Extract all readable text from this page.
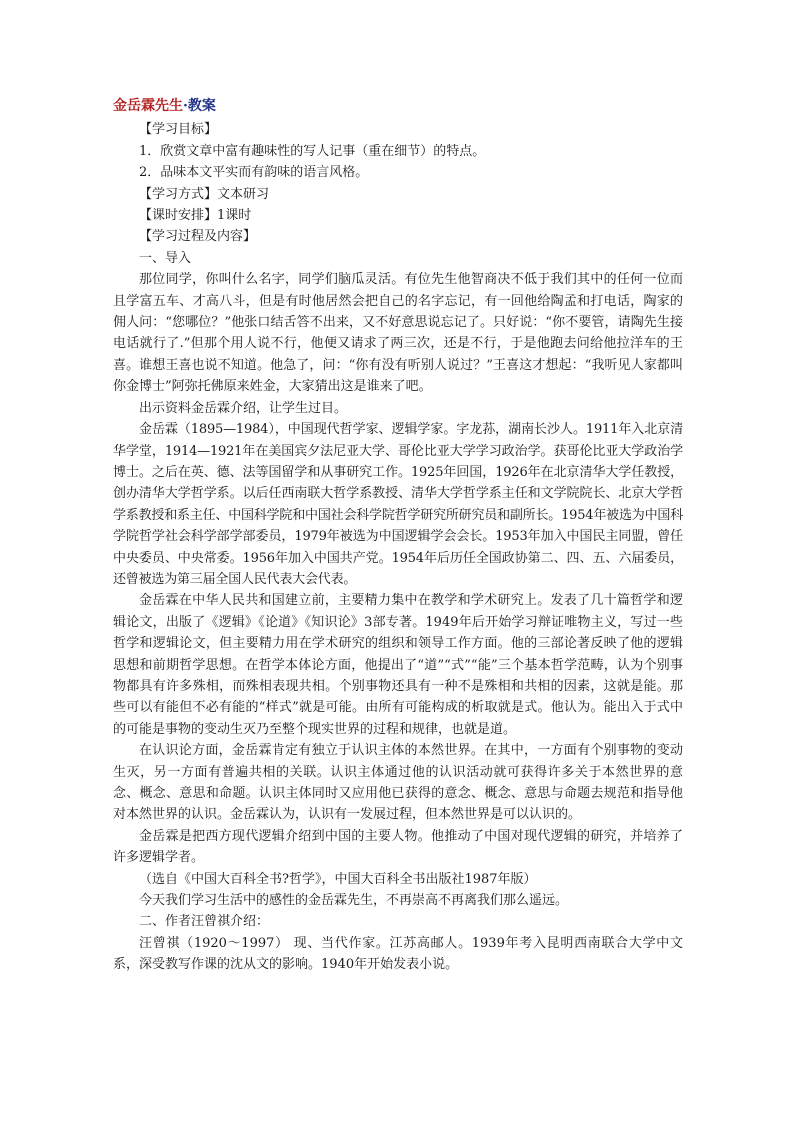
金岳霖先生·教案

【学习目标】

1．欣赏文章中富有趣味性的写人记事（重在细节）的特点。

2．品味本文平实而有韵味的语言风格。

【学习方式】文本研习

【课时安排】1课时

【学习过程及内容】

一、导入

那位同学，你叫什么名字，同学们脑瓜灵活。有位先生他智商决不低于我们其中的任何一位而且学富五车、才高八斗，但是有时他居然会把自己的名字忘记，有一回他给陶孟和打电话，陶家的佣人问：“您哪位？”他张口结舌答不出来，又不好意思说忘记了。只好说：“你不要管，请陶先生接电话就行了.”但那个用人说不行，他便又请求了两三次，还是不行，于是他跑去问给他拉洋车的王喜。谁想王喜也说不知道。他急了，问：“你有没有听别人说过？”王喜这才想起：“我听见人家都叫你金博士”阿弥托佛原来姓金，大家猜出这是谁来了吧。

出示资料金岳霖介绍，让学生过目。

金岳霖（1895—1984），中国现代哲学家、逻辑学家。字龙荪，湖南长沙人。1911年入北京清华学堂，1914—1921年在美国宾夕法尼亚大学、哥伦比亚大学学习政治学。获哥伦比亚大学政治学博士。之后在英、德、法等国留学和从事研究工作。1925年回国，1926年在北京清华大学任教授，创办清华大学哲学系。以后任西南联大哲学系教授、清华大学哲学系主任和文学院院长、北京大学哲学系教授和系主任、中国科学院和中国社会科学院哲学研究所研究员和副所长。1954年被选为中国科学院哲学社会科学部学部委员，1979年被选为中国逻辑学会会长。1953年加入中国民主同盟，曾任中央委员、中央常委。1956年加入中国共产党。1954年后历任全国政协第二、四、五、六届委员，还曾被选为第三届全国人民代表大会代表。

金岳霖在中华人民共和国建立前，主要精力集中在教学和学术研究上。发表了几十篇哲学和逻辑论文，出版了《逻辑》《论道》《知识论》3部专著。1949年后开始学习辩证唯物主义，写过一些哲学和逻辑论文，但主要精力用在学术研究的组织和领导工作方面。他的三部论著反映了他的逻辑思想和前期哲学思想。在哲学本体论方面，他提出了“道”“式”“能”三个基本哲学范畴，认为个别事物都具有许多殊相，而殊相表现共相。个别事物还具有一种不是殊相和共相的因素，这就是能。那些可以有能但不必有能的“样式”就是可能。由所有可能构成的析取就是式。他认为。能出入于式中的可能是事物的变动生灭乃至整个现实世界的过程和规律，也就是道。

在认识论方面，金岳霖肯定有独立于认识主体的本然世界。在其中，一方面有个别事物的变动生灭，另一方面有普遍共相的关联。认识主体通过他的认识活动就可获得许多关于本然世界的意念、概念、意思和命题。认识主体同时又应用他已获得的意念、概念、意思与命题去规范和指导他对本然世界的认识。金岳霖认为，认识有一发展过程，但本然世界是可以认识的。

金岳霖是把西方现代逻辑介绍到中国的主要人物。他推动了中国对现代逻辑的研究，并培养了许多逻辑学者。

（选自《中国大百科全书?哲学》，中国大百科全书出版社1987年版）

今天我们学习生活中的感性的金岳霖先生，不再崇高不再离我们那么遥远。

二、作者汪曾祺介绍：

汪曾祺（1920～1997） 现、当代作家。江苏高邮人。1939年考入昆明西南联合大学中文系，深受教写作课的沈从文的影响。1940年开始发表小说。
